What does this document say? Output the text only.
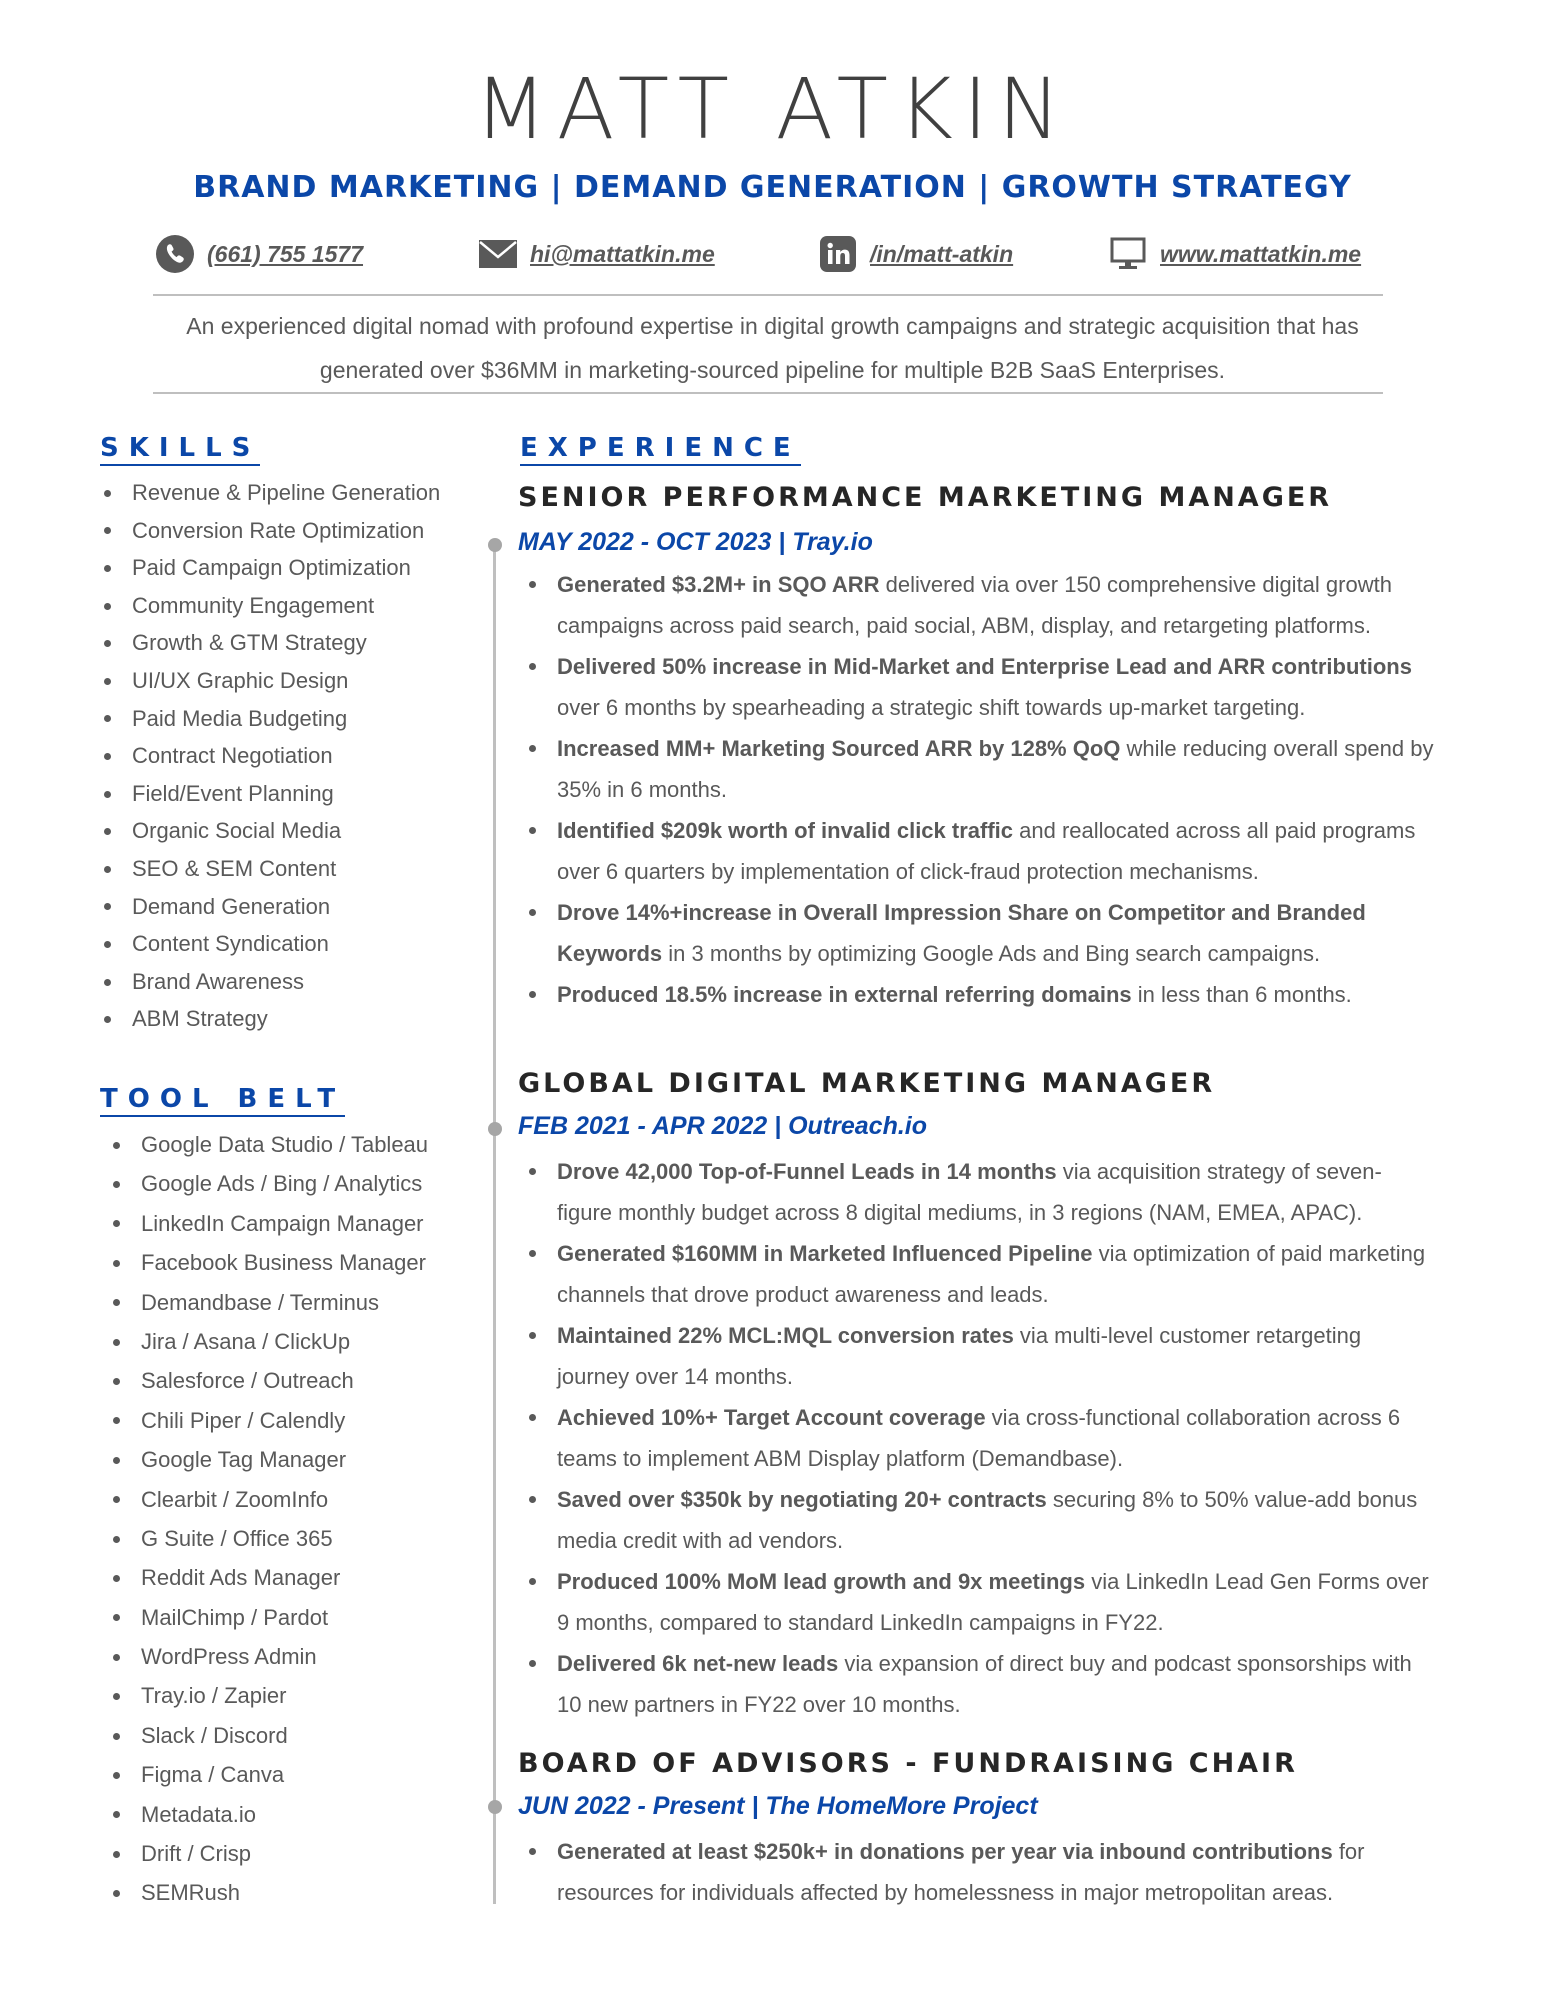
MATT ATKIN
BRAND MARKETING | DEMAND GENERATION | GROWTH STRATEGY
(661) 755 1577	hi@mattatkin.me	/in/matt-atkin	www.mattatkin.me
An experienced digital nomad with profound expertise in digital growth campaigns and strategic acquisition that has generated over $36MM in marketing-sourced pipeline for multiple B2B SaaS Enterprises.
SKILLS
Revenue & Pipeline Generation
Conversion Rate Optimization
Paid Campaign Optimization
Community Engagement
Growth & GTM Strategy
UI/UX Graphic Design
Paid Media Budgeting
Contract Negotiation
Field/Event Planning
Organic Social Media
SEO & SEM Content
Demand Generation
Content Syndication
Brand Awareness
ABM Strategy
TOOL BELT
Google Data Studio / Tableau
Google Ads / Bing / Analytics
LinkedIn Campaign Manager
Facebook Business Manager
Demandbase / Terminus
Jira / Asana / ClickUp
Salesforce / Outreach
Chili Piper / Calendly
Google Tag Manager
Clearbit / ZoomInfo
G Suite / Office 365
Reddit Ads Manager
MailChimp / Pardot
WordPress Admin
Tray.io / Zapier
Slack / Discord
Figma / Canva
Metadata.io
Drift / Crisp
SEMRush
EXPERIENCE
SENIOR PERFORMANCE MARKETING MANAGER
MAY 2022 - OCT 2023 | Tray.io
Generated $3.2M+ in SQO ARR delivered via over 150 comprehensive digital growth campaigns across paid search, paid social, ABM, display, and retargeting platforms.
Delivered 50% increase in Mid-Market and Enterprise Lead and ARR contributions over 6 months by spearheading a strategic shift towards up-market targeting.
Increased MM+ Marketing Sourced ARR by 128% QoQ while reducing overall spend by 35% in 6 months.
Identified $209k worth of invalid click traffic and reallocated across all paid programs over 6 quarters by implementation of click-fraud protection mechanisms.
Drove 14%+increase in Overall Impression Share on Competitor and Branded Keywords in 3 months by optimizing Google Ads and Bing search campaigns.
Produced 18.5% increase in external referring domains in less than 6 months.
GLOBAL DIGITAL MARKETING MANAGER
FEB 2021 - APR 2022 | Outreach.io
Drove 42,000 Top-of-Funnel Leads in 14 months via acquisition strategy of seven-figure monthly budget across 8 digital mediums, in 3 regions (NAM, EMEA, APAC).
Generated $160MM in Marketed Influenced Pipeline via optimization of paid marketing channels that drove product awareness and leads.
Maintained 22% MCL:MQL conversion rates via multi-level customer retargeting journey over 14 months.
Achieved 10%+ Target Account coverage via cross-functional collaboration across 6 teams to implement ABM Display platform (Demandbase).
Saved over $350k by negotiating 20+ contracts securing 8% to 50% value-add bonus media credit with ad vendors.
Produced 100% MoM lead growth and 9x meetings via LinkedIn Lead Gen Forms over 9 months, compared to standard LinkedIn campaigns in FY22.
Delivered 6k net-new leads via expansion of direct buy and podcast sponsorships with 10 new partners in FY22 over 10 months.
BOARD OF ADVISORS - FUNDRAISING CHAIR
JUN 2022 - Present | The HomeMore Project
Generated at least $250k+ in donations per year via inbound contributions for resources for individuals affected by homelessness in major metropolitan areas.
